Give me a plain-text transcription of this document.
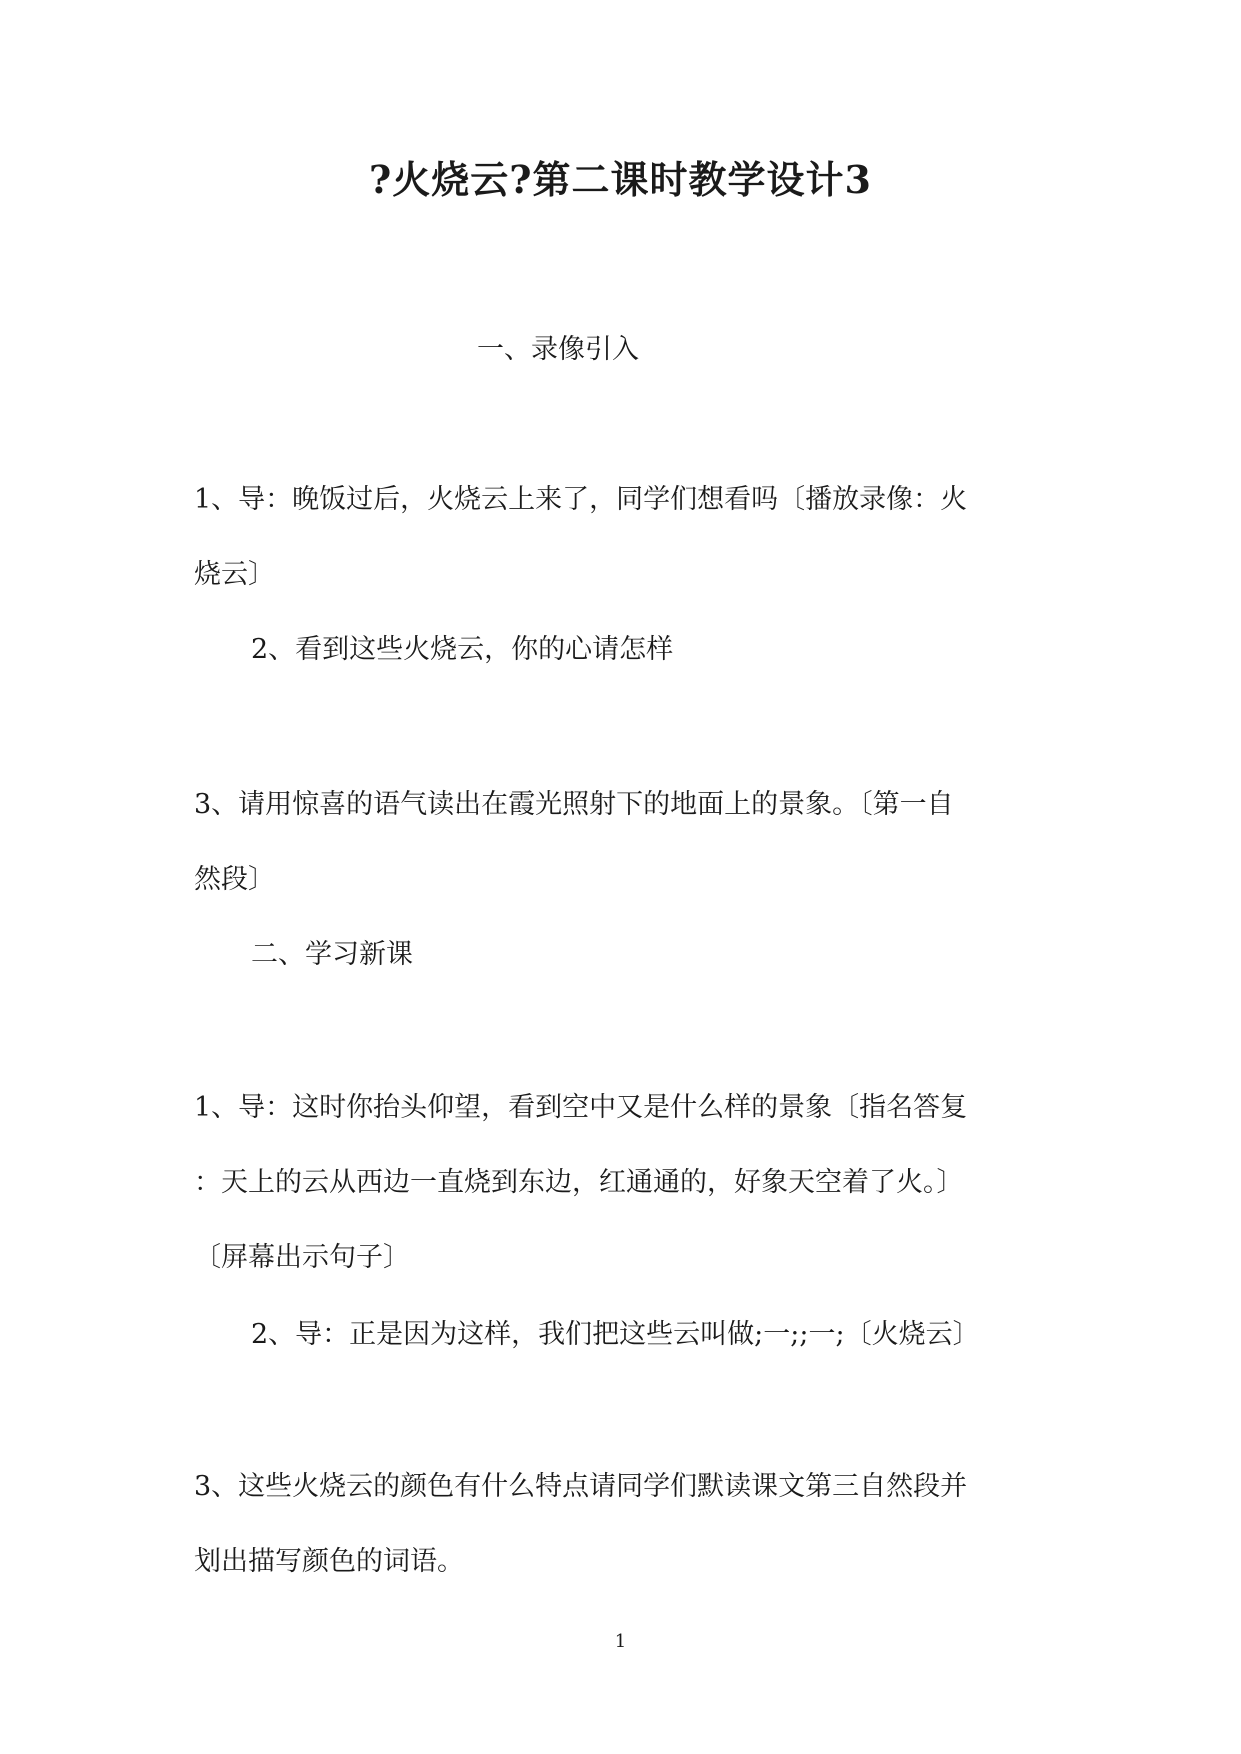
?火烧云?第二课时教学设计3
一、录像引入
1、导：晚饭过后，火烧云上来了，同学们想看吗〔播放录像：火
烧云〕
2、看到这些火烧云，你的心请怎样
3、请用惊喜的语气读出在霞光照射下的地面上的景象。〔第一自
然段〕
二、学习新课
1、导：这时你抬头仰望，看到空中又是什么样的景象〔指名答复
：天上的云从西边一直烧到东边，红通通的，好象天空着了火。〕
〔屏幕出示句子〕
2、导：正是因为这样，我们把这些云叫做;一;;一;〔火烧云〕
3、这些火烧云的颜色有什么特点请同学们默读课文第三自然段并
划出描写颜色的词语。
1
